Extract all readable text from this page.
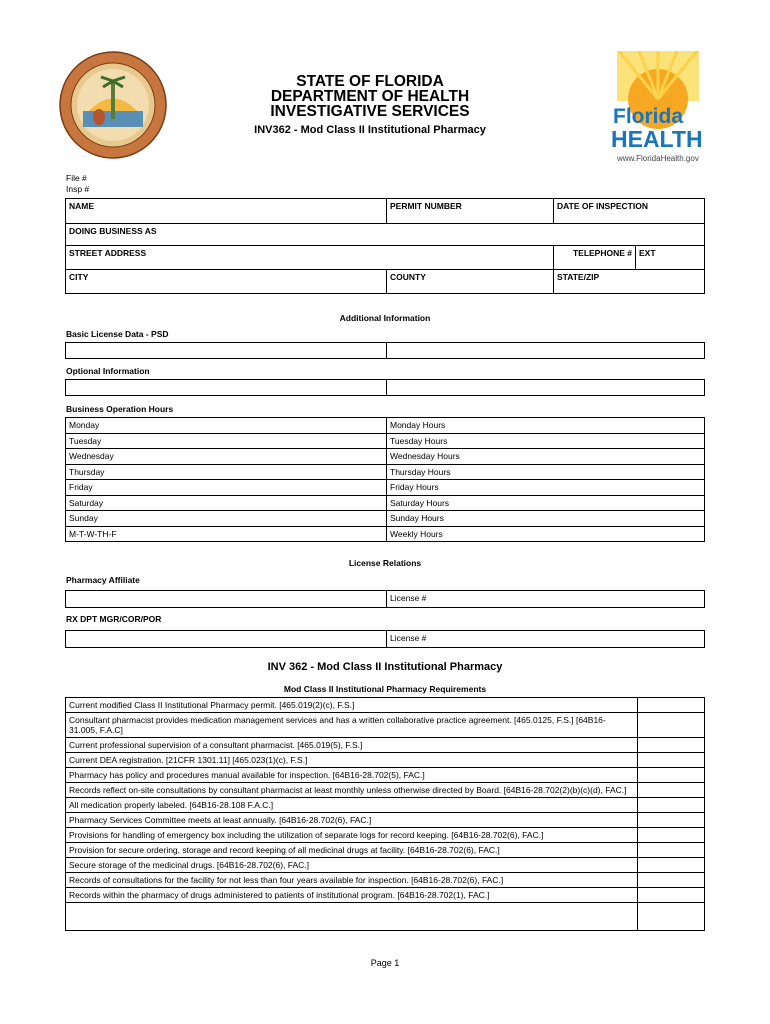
Florida
HEALTH
www.FloridaHealth.gov
STATE OF FLORIDA
DEPARTMENT OF HEALTH
INVESTIGATIVE SERVICES
INV362 - Mod Class II Institutional Pharmacy
File #
Insp #
NAME	PERMIT NUMBER	DATE OF INSPECTION	
DOING BUSINESS AS			
STREET ADDRESS		TELEPHONE #	EXT
CITY	COUNTY	STATE/ZIP	
Additional Information
Basic License Data - PSD

Optional Information

Business Operation Hours
Monday	Monday Hours
Tuesday	Tuesday Hours
Wednesday	Wednesday Hours
Thursday	Thursday Hours
Friday	Friday Hours
Saturday	Saturday Hours
Sunday	Sunday Hours
M-T-W-TH-F	Weekly Hours
License Relations
Pharmacy Affiliate
	License #
RX DPT MGR/COR/POR
	License #
INV 362 - Mod Class II Institutional Pharmacy
Mod Class II Institutional Pharmacy Requirements
Current modified Class II Institutional Pharmacy permit. [465.019(2)(c), F.S.]	
Consultant pharmacist provides medication management services and has a written collaborative practice agreement. [465.0125, F.S.] [64B16-31.005, F.A.C]	
Current professional supervision of a consultant pharmacist. [465.019(5), F.S.]	
Current DEA registration. [21CFR 1301.11] [465.023(1)(c), F.S.]	
Pharmacy has policy and procedures manual available for inspection. [64B16-28.702(5), FAC.]	
Records reflect on-site consultations by consultant pharmacist at least monthly unless otherwise directed by Board. [64B16-28.702(2)(b)(c)(d), FAC.]	
All medication properly labeled. [64B16-28.108 F.A.C.]	
Pharmacy Services Committee meets at least annually. [64B16-28.702(6), FAC.]	
Provisions for handling of emergency box including the utilization of separate logs for record keeping. [64B16-28.702(6), FAC.]	
Provision for secure ordering, storage and record keeping of all medicinal drugs at facility. [64B16-28.702(6), FAC.]	
Secure storage of the medicinal drugs. [64B16-28.702(6), FAC.]	
Records of consultations for the facility for not less than four years available for inspection. [64B16-28.702(6), FAC.]	
Records within the pharmacy of drugs administered to patients of institutional program. [64B16-28.702(1), FAC.]	

Page 1
